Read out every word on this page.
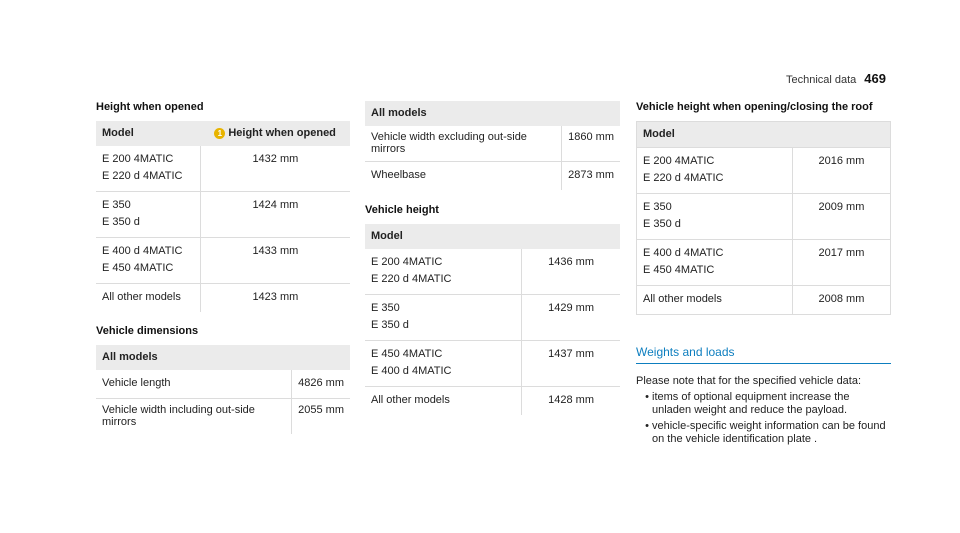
Technical data 469
Height when opened
Model	1 Height when opened
E 200 4MATIC
E 220 d 4MATIC	1432 mm
E 350
E 350 d	1424 mm
E 400 d 4MATIC
E 450 4MATIC	1433 mm
All other models	1423 mm
Vehicle dimensions
All models	
Vehicle length	4826 mm
Vehicle width including out-side mirrors	2055 mm
All models	
Vehicle width excluding out-side mirrors	1860 mm
Wheelbase	2873 mm
Vehicle height
Model	
E 200 4MATIC
E 220 d 4MATIC	1436 mm
E 350
E 350 d	1429 mm
E 450 4MATIC
E 400 d 4MATIC	1437 mm
All other models	1428 mm
Vehicle height when opening/closing the roof
Model	
E 200 4MATIC
E 220 d 4MATIC	2016 mm
E 350
E 350 d	2009 mm
E 400 d 4MATIC
E 450 4MATIC	2017 mm
All other models	2008 mm
Weights and loads
Please note that for the specified vehicle data:
• items of optional equipment increase the unladen weight and reduce the payload.
• vehicle-specific weight information can be found on the vehicle identification plate .
